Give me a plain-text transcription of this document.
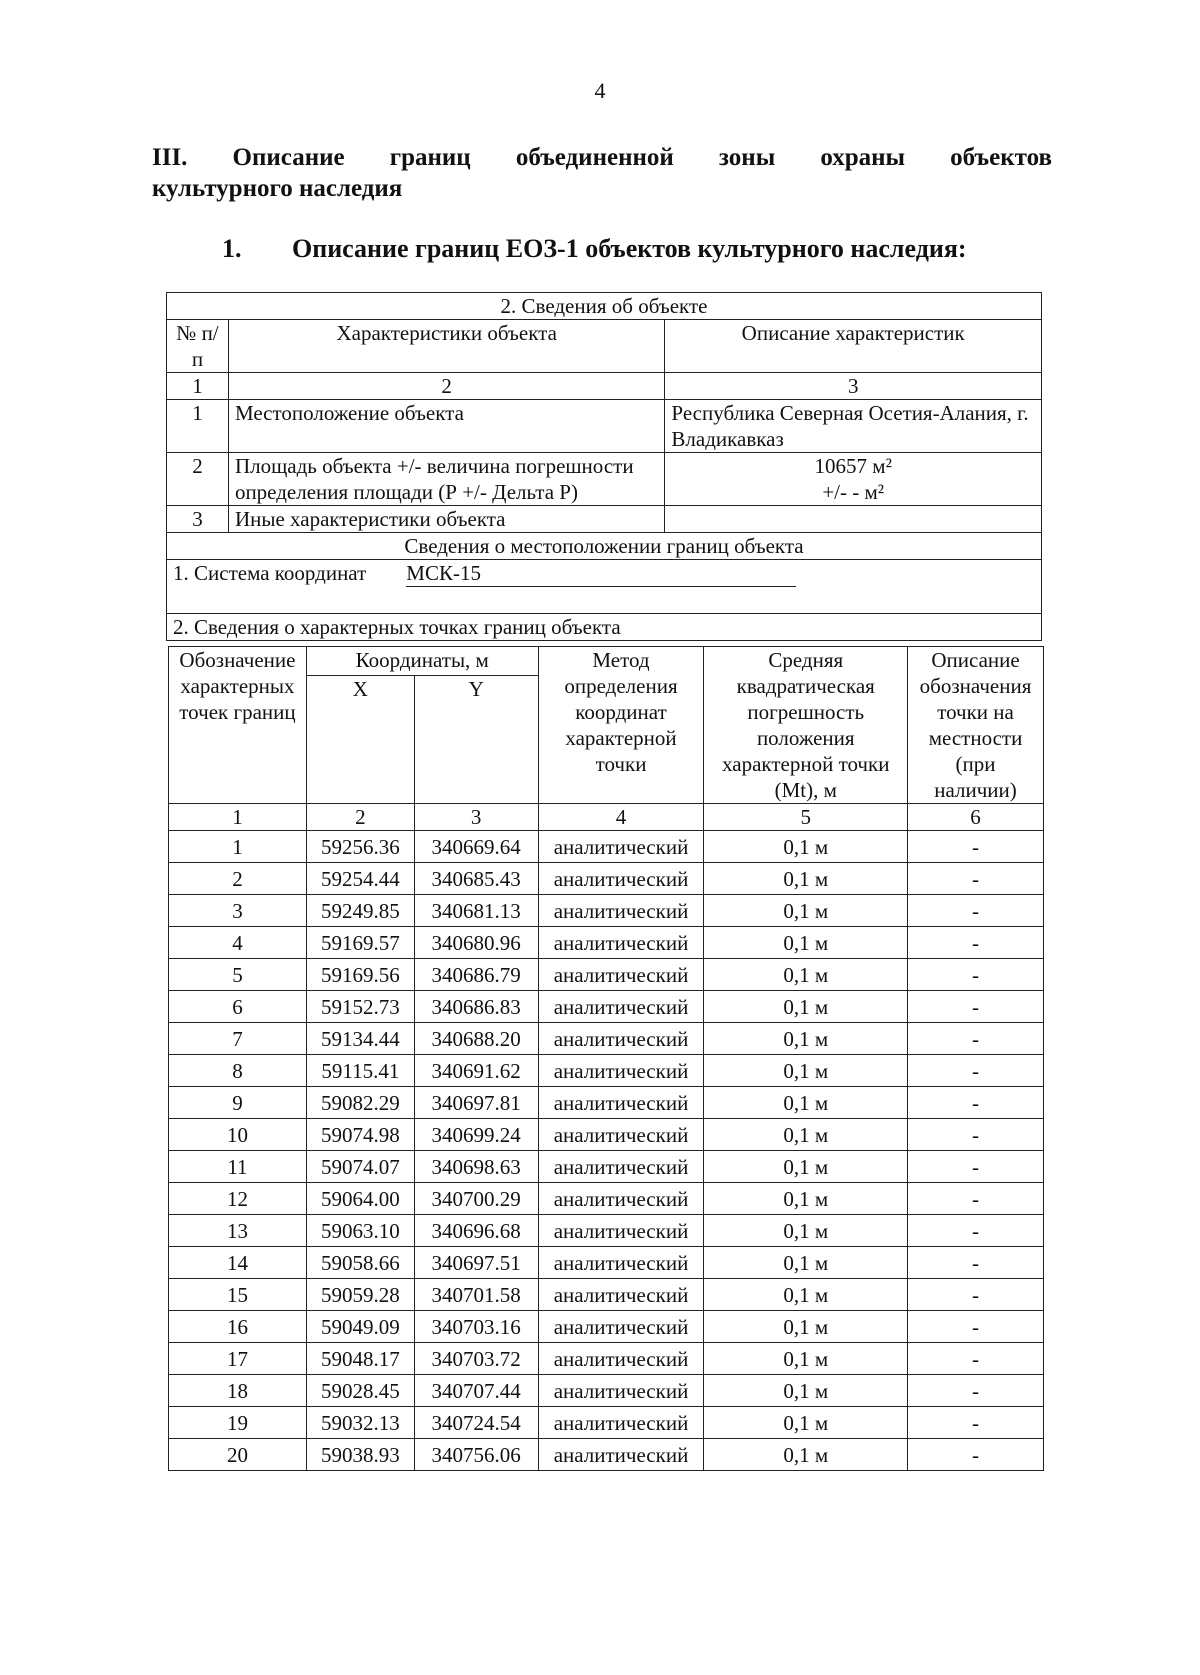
4
III. Описание границ объединенной зоны охраны объектов
культурного наследия
1. Описание границ ЕОЗ-1 объектов культурного наследия:
2. Сведения об объекте		
№ п/п	Характеристики объекта	Описание характеристик
1	2	3
1	Местоположение объекта	Республика Северная Осетия-Алания, г. Владикавказ
2	Площадь объекта +/- величина погрешности определения площади (Р +/- Дельта Р)	10657 м²
+/- - м²

3	Иные характеристики объекта	
Сведения о местоположении границ объекта		
1. Система координат МСК-15		
2. Сведения о характерных точках границ объекта		
Обозначение характерных точек границ	Координаты, м		Метод определения координат характерной точки	Средняя квадратическая погрешность положения характерной точки (Mt), м	Описание обозначения точки на местности (при наличии)
	X	Y			
1	2	3	4	5	6
1	59256.36	340669.64	аналитический	0,1 м	-
2	59254.44	340685.43	аналитический	0,1 м	-
3	59249.85	340681.13	аналитический	0,1 м	-
4	59169.57	340680.96	аналитический	0,1 м	-
5	59169.56	340686.79	аналитический	0,1 м	-
6	59152.73	340686.83	аналитический	0,1 м	-
7	59134.44	340688.20	аналитический	0,1 м	-
8	59115.41	340691.62	аналитический	0,1 м	-
9	59082.29	340697.81	аналитический	0,1 м	-
10	59074.98	340699.24	аналитический	0,1 м	-
11	59074.07	340698.63	аналитический	0,1 м	-
12	59064.00	340700.29	аналитический	0,1 м	-
13	59063.10	340696.68	аналитический	0,1 м	-
14	59058.66	340697.51	аналитический	0,1 м	-
15	59059.28	340701.58	аналитический	0,1 м	-
16	59049.09	340703.16	аналитический	0,1 м	-
17	59048.17	340703.72	аналитический	0,1 м	-
18	59028.45	340707.44	аналитический	0,1 м	-
19	59032.13	340724.54	аналитический	0,1 м	-
20	59038.93	340756.06	аналитический	0,1 м	-
